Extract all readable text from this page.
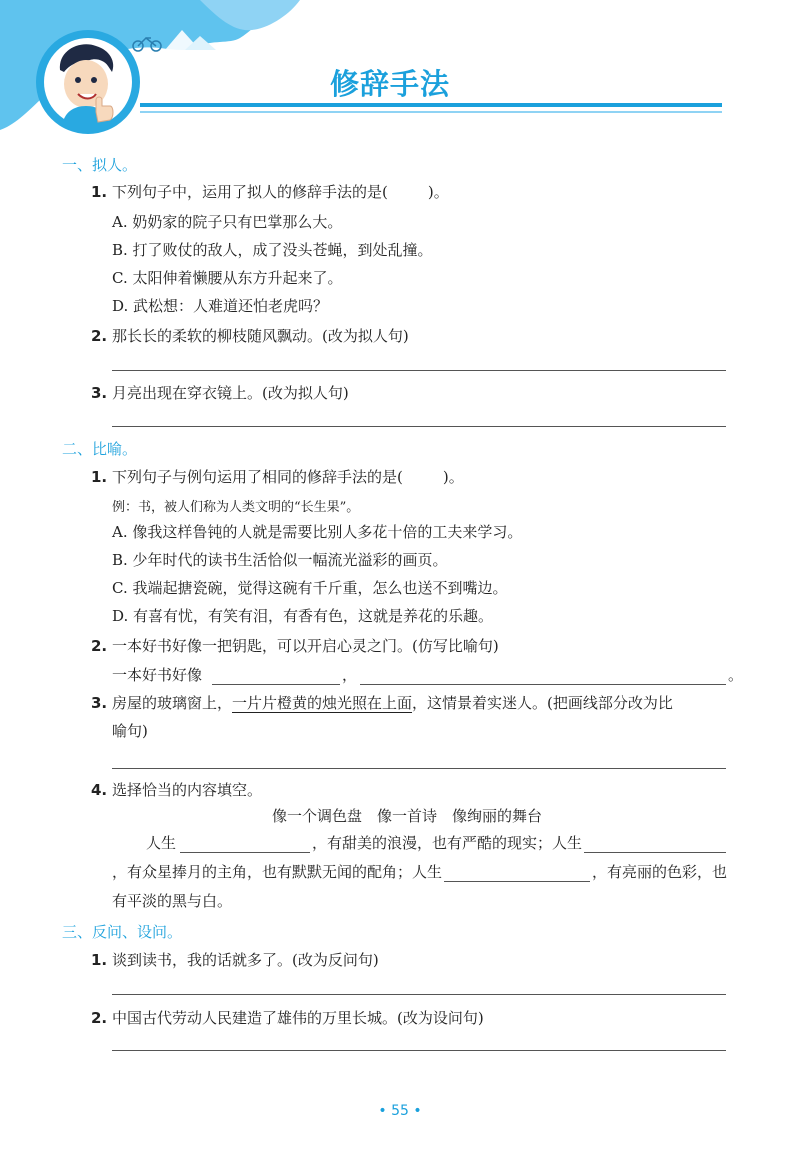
修辞手法
一、拟人。
1. 下列句子中，运用了拟人的修辞手法的是(	)。
A. 奶奶家的院子只有巴掌那么大。
B. 打了败仗的敌人，成了没头苍蝇，到处乱撞。
C. 太阳伸着懒腰从东方升起来了。
D. 武松想：人难道还怕老虎吗？
2. 那长长的柔软的柳枝随风飘动。(改为拟人句)
3. 月亮出现在穿衣镜上。(改为拟人句)
二、比喻。
1. 下列句子与例句运用了相同的修辞手法的是(	)。
例：书，被人们称为人类文明的“长生果”。
A. 像我这样鲁钝的人就是需要比别人多花十倍的工夫来学习。
B. 少年时代的读书生活恰似一幅流光溢彩的画页。
C. 我端起搪瓷碗，觉得这碗有千斤重，怎么也送不到嘴边。
D. 有喜有忧，有笑有泪，有香有色，这就是养花的乐趣。
2. 一本好书好像一把钥匙，可以开启心灵之门。(仿写比喻句)
一本好书好像	，	。
3. 房屋的玻璃窗上，一片片橙黄的烛光照在上面，这情景着实迷人。(把画线部分改为比
喻句)
4. 选择恰当的内容填空。
像一个调色盘　像一首诗　像绚丽的舞台
人生	，有甜美的浪漫，也有严酷的现实；人生
，有众星捧月的主角，也有默默无闻的配角；人生	，有亮丽的色彩，也
有平淡的黑与白。
三、反问、设问。
1. 谈到读书，我的话就多了。(改为反问句)
2. 中国古代劳动人民建造了雄伟的万里长城。(改为设问句)
• 55 •
